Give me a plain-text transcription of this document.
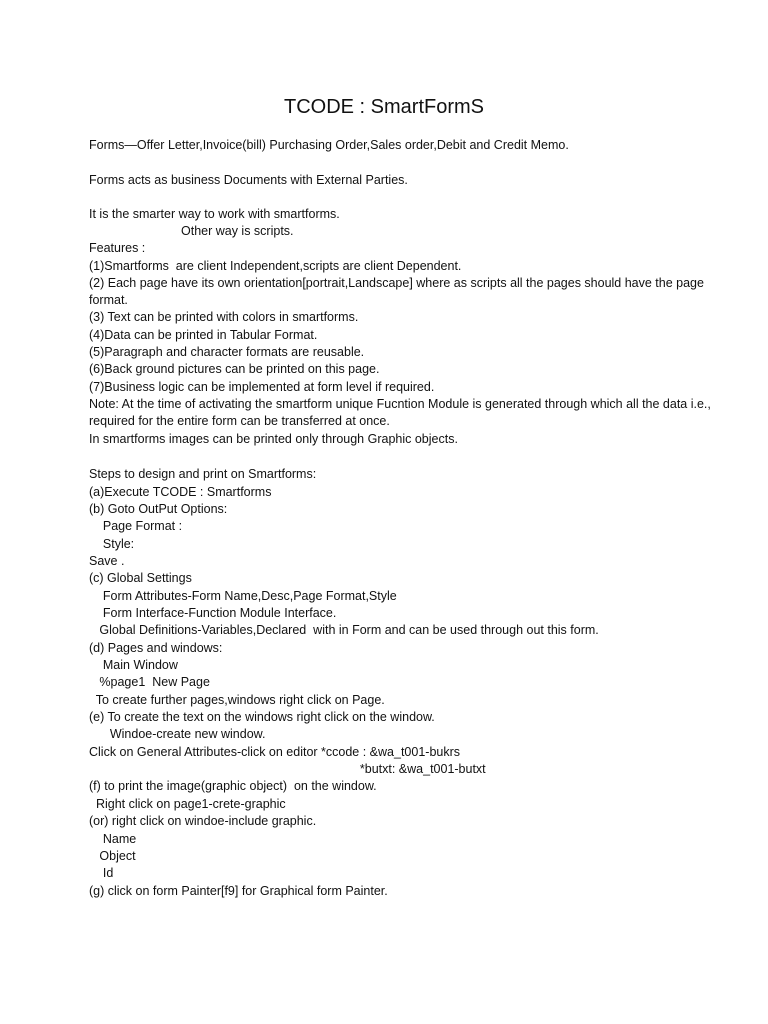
TCODE : SmartFormS
Forms—Offer Letter,Invoice(bill) Purchasing Order,Sales order,Debit and Credit Memo.
Forms acts as business Documents with External Parties.
It is the smarter way to work with smartforms.
Other way is scripts.
Features :
(1)Smartforms  are client Independent,scripts are client Dependent.
(2) Each page have its own orientation[portrait,Landscape] where as scripts all the pages should have the page format.
(3) Text can be printed with colors in smartforms.
(4)Data can be printed in Tabular Format.
(5)Paragraph and character formats are reusable.
(6)Back ground pictures can be printed on this page.
(7)Business logic can be implemented at form level if required.
Note: At the time of activating the smartform unique Fucntion Module is generated through which all the data i.e., required for the entire form can be transferred at once.
In smartforms images can be printed only through Graphic objects.
Steps to design and print on Smartforms:
(a)Execute TCODE : Smartforms
(b) Goto OutPut Options:
Page Format :
Style:
Save .
(c) Global Settings
Form Attributes-Form Name,Desc,Page Format,Style
Form Interface-Function Module Interface.
Global Definitions-Variables,Declared  with in Form and can be used through out this form.
(d) Pages and windows:
Main Window
%page1  New Page
To create further pages,windows right click on Page.
(e) To create the text on the windows right click on the window.
Windoe-create new window.
Click on General Attributes-click on editor *ccode : &wa_t001-bukrs
*butxt: &wa_t001-butxt
(f) to print the image(graphic object)  on the window.
Right click on page1-crete-graphic
(or) right click on windoe-include graphic.
Name
Object
Id
(g) click on form Painter[f9] for Graphical form Painter.
